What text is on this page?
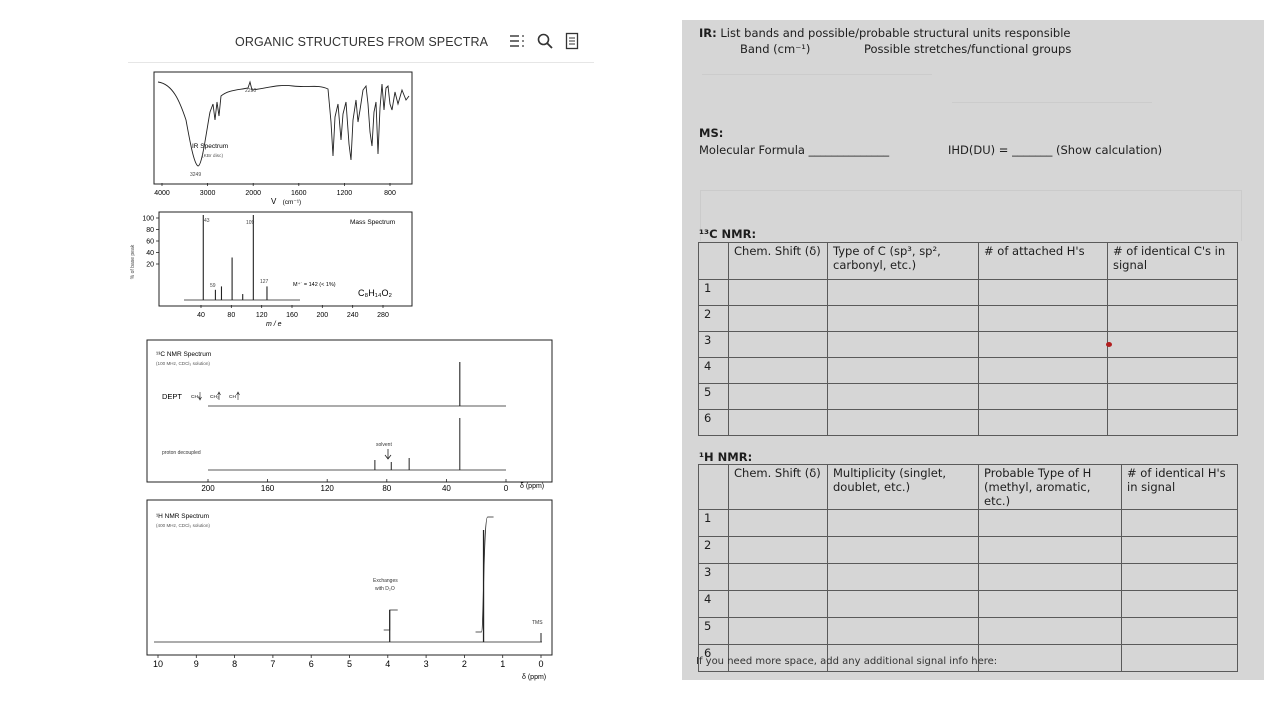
ORGANIC STRUCTURES FROM SPECTRA
IR Spectrum
(KBr disc)
3249
2290
4000	3000	2000	1600	1200	800
V (cm⁻¹)
% of base peak
100
80
60
40
20
40	80	120	160	200	240	280
Mass Spectrum
43	109
59
127	M⁺˙ = 142 (< 1%)
C₈H₁₄O₂
m / e
¹³C NMR Spectrum
(100 MHz, CDCl₃ solution)
DEPT CH₃ CH₂ CH
proton decoupled
solvent
200	160	120	80	40	0 δ (ppm)
¹H NMR Spectrum
(400 MHz, CDCl₃ solution)
Exchanges
with D₂O
TMS
10	9	8	7	6	5	4	3	2	1	0
δ (ppm)
IR: List bands and possible/probable structural units responsible
Band (cm⁻¹)	Possible stretches/functional groups
MS:
Molecular Formula ______________	IHD(DU) = _______ (Show calculation)
¹³C NMR:
	Chem. Shift (δ)	Type of C (sp³, sp², carbonyl, etc.)	# of attached H's	# of identical C's in signal
1				
2				
3				

4				
5				
6				
¹H NMR:
	Chem. Shift (δ)	Multiplicity (singlet, doublet, etc.)	Probable Type of H (methyl, aromatic, etc.)	# of identical H's in signal
1				
2				
3				
4				
5				
6				
If you need more space, add any additional signal info here:
